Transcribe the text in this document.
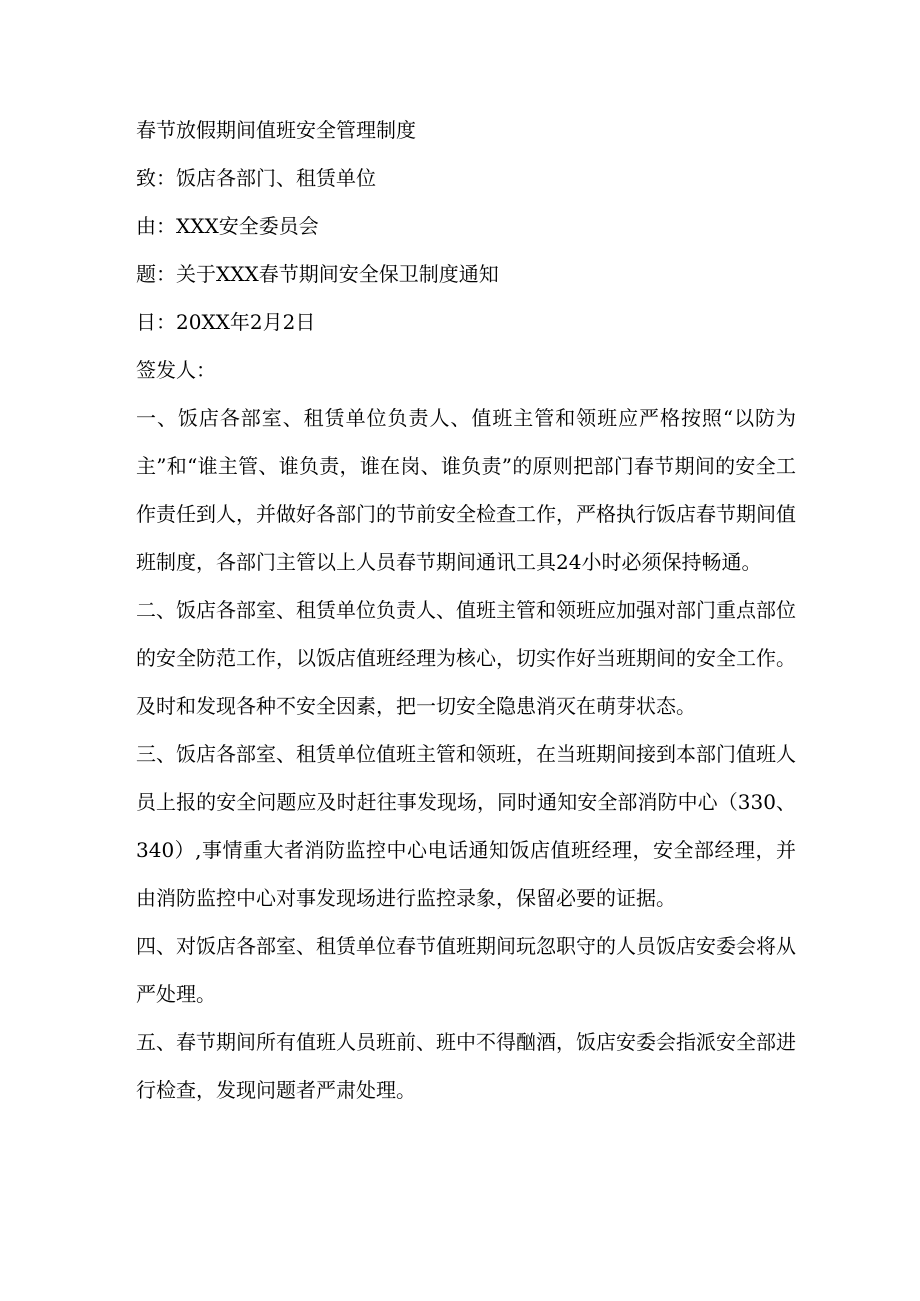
春节放假期间值班安全管理制度

致：饭店各部门、租赁单位

由：XXX安全委员会

题：关于XXX春节期间安全保卫制度通知

日：20XX年2月2日

签发人：

一、饭店各部室、租赁单位负责人、值班主管和领班应严格按照“以防为主”和“谁主管、谁负责，谁在岗、谁负责”的原则把部门春节期间的安全工作责任到人，并做好各部门的节前安全检查工作，严格执行饭店春节期间值班制度，各部门主管以上人员春节期间通讯工具24小时必须保持畅通。

二、饭店各部室、租赁单位负责人、值班主管和领班应加强对部门重点部位的安全防范工作，以饭店值班经理为核心，切实作好当班期间的安全工作。及时和发现各种不安全因素，把一切安全隐患消灭在萌芽状态。

三、饭店各部室、租赁单位值班主管和领班，在当班期间接到本部门值班人员上报的安全问题应及时赶往事发现场，同时通知安全部消防中心（330、340）,事情重大者消防监控中心电话通知饭店值班经理，安全部经理，并由消防监控中心对事发现场进行监控录象，保留必要的证据。

四、对饭店各部室、租赁单位春节值班期间玩忽职守的人员饭店安委会将从严处理。

五、春节期间所有值班人员班前、班中不得酗酒，饭店安委会指派安全部进行检查，发现问题者严肃处理。
